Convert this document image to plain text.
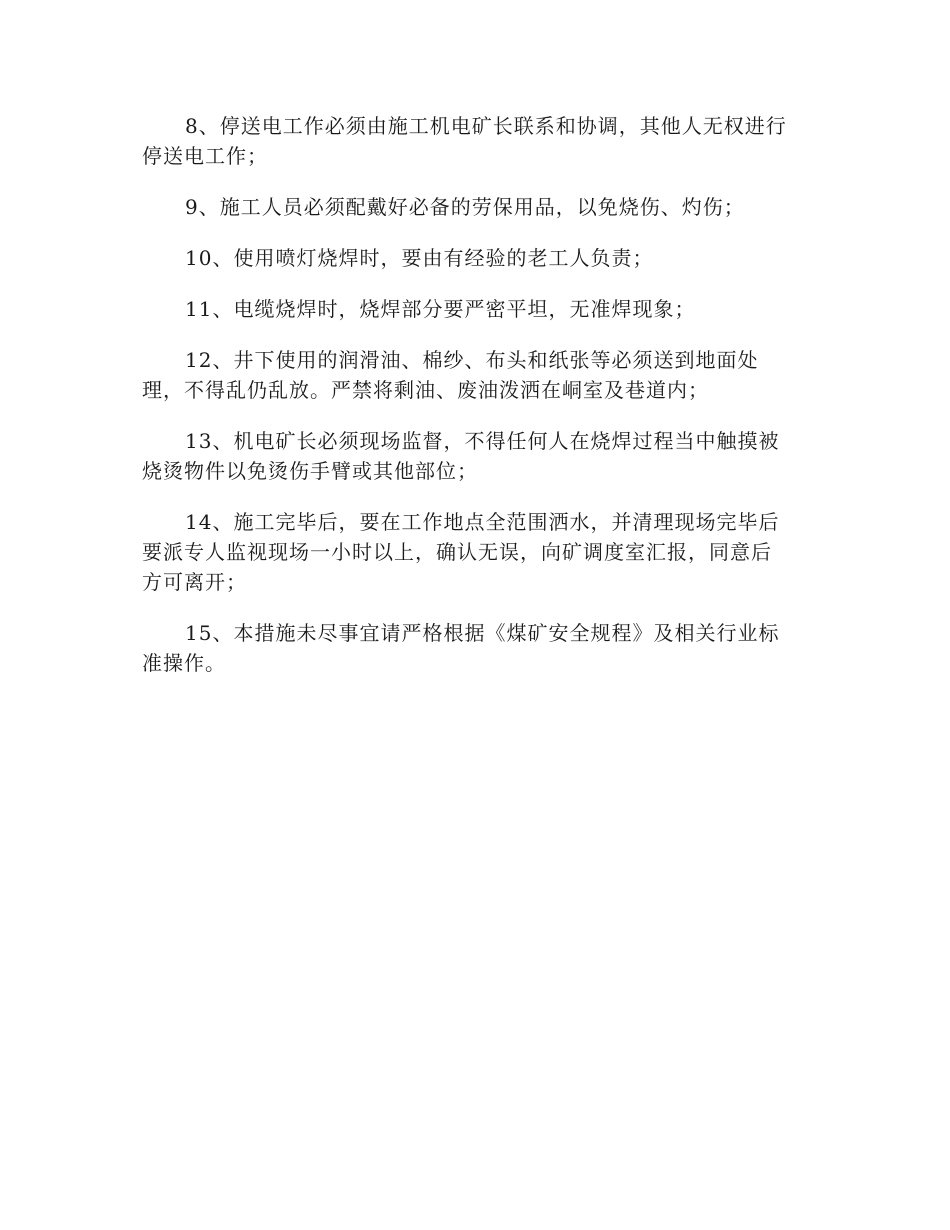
8、停送电工作必须由施工机电矿长联系和协调，其他人无权进行
停送电工作；

9、施工人员必须配戴好必备的劳保用品，以免烧伤、灼伤；

10、使用喷灯烧焊时，要由有经验的老工人负责；

11、电缆烧焊时，烧焊部分要严密平坦，无准焊现象；

12、井下使用的润滑油、棉纱、布头和纸张等必须送到地面处
理，不得乱仍乱放。严禁将剩油、废油泼洒在峒室及巷道内；

13、机电矿长必须现场监督，不得任何人在烧焊过程当中触摸被
烧烫物件以免烫伤手臂或其他部位；

14、施工完毕后，要在工作地点全范围洒水，并清理现场完毕后
要派专人监视现场一小时以上，确认无误，向矿调度室汇报，同意后
方可离开；

15、本措施未尽事宜请严格根据《煤矿安全规程》及相关行业标
准操作。
